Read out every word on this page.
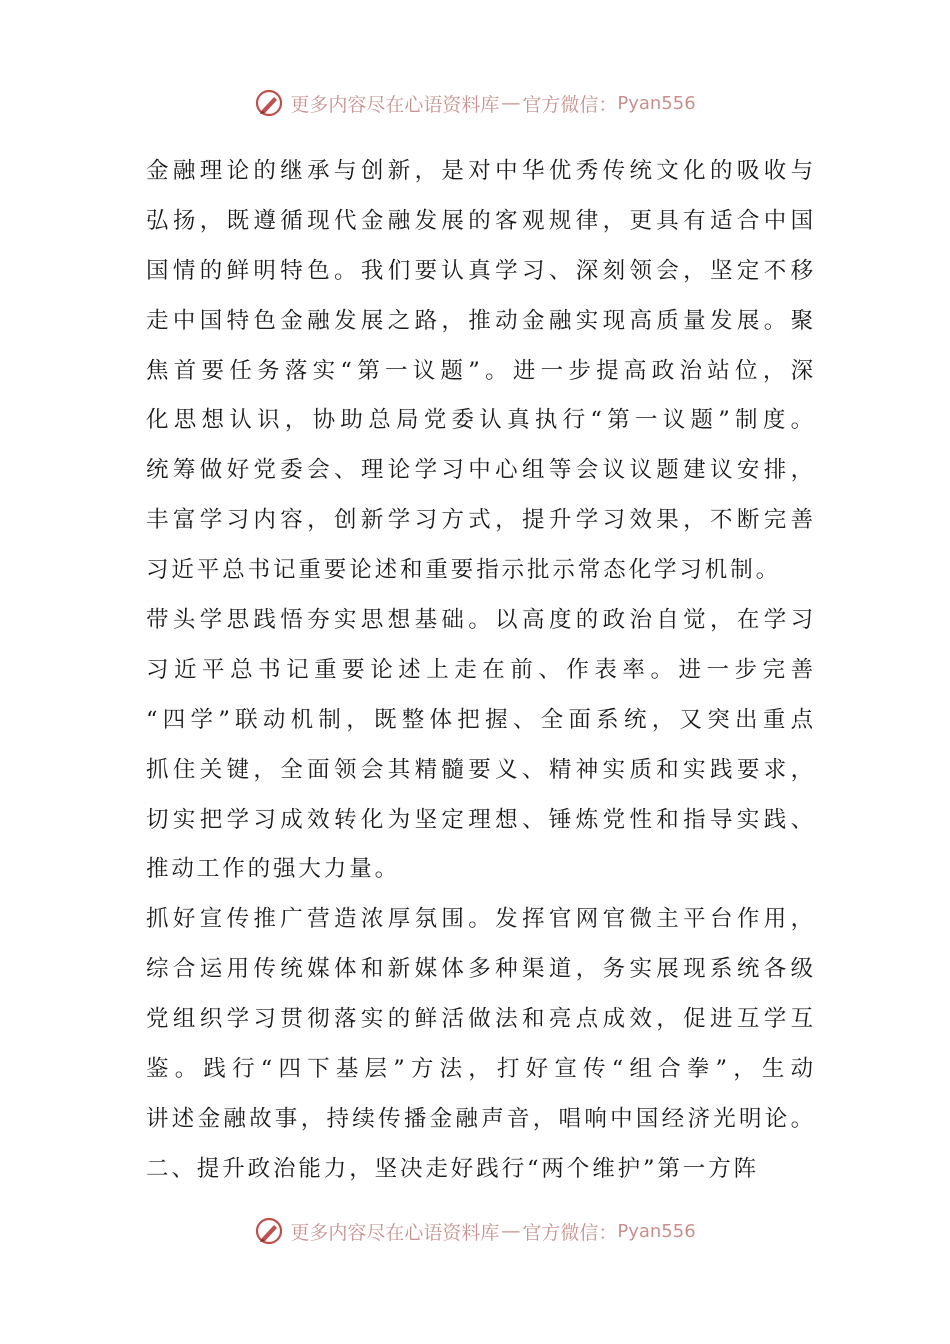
更多内容尽在心语资料库 — 官方微信： Pyan556
金融理论的继承与创新，是对中华优秀传统文化的吸收与
弘扬，既遵循现代金融发展的客观规律，更具有适合中国
国情的鲜明特色。我们要认真学习、深刻领会，坚定不移
走中国特色金融发展之路，推动金融实现高质量发展。聚
焦首要任务落实“第一议题”。进一步提高政治站位，深
化思想认识，协助总局党委认真执行“第一议题”制度。
统筹做好党委会、理论学习中心组等会议议题建议安排，
丰富学习内容，创新学习方式，提升学习效果，不断完善
习近平总书记重要论述和重要指示批示常态化学习机制。
带头学思践悟夯实思想基础。以高度的政治自觉，在学习
习近平总书记重要论述上走在前、作表率。进一步完善
“四学”联动机制，既整体把握、全面系统，又突出重点
抓住关键，全面领会其精髓要义、精神实质和实践要求，
切实把学习成效转化为坚定理想、锤炼党性和指导实践、
推动工作的强大力量。
抓好宣传推广营造浓厚氛围。发挥官网官微主平台作用，
综合运用传统媒体和新媒体多种渠道，务实展现系统各级
党组织学习贯彻落实的鲜活做法和亮点成效，促进互学互
鉴。践行“四下基层”方法，打好宣传“组合拳”，生动
讲述金融故事，持续传播金融声音，唱响中国经济光明论。
二、提升政治能力，坚决走好践行“两个维护”第一方阵
更多内容尽在心语资料库 — 官方微信： Pyan556
